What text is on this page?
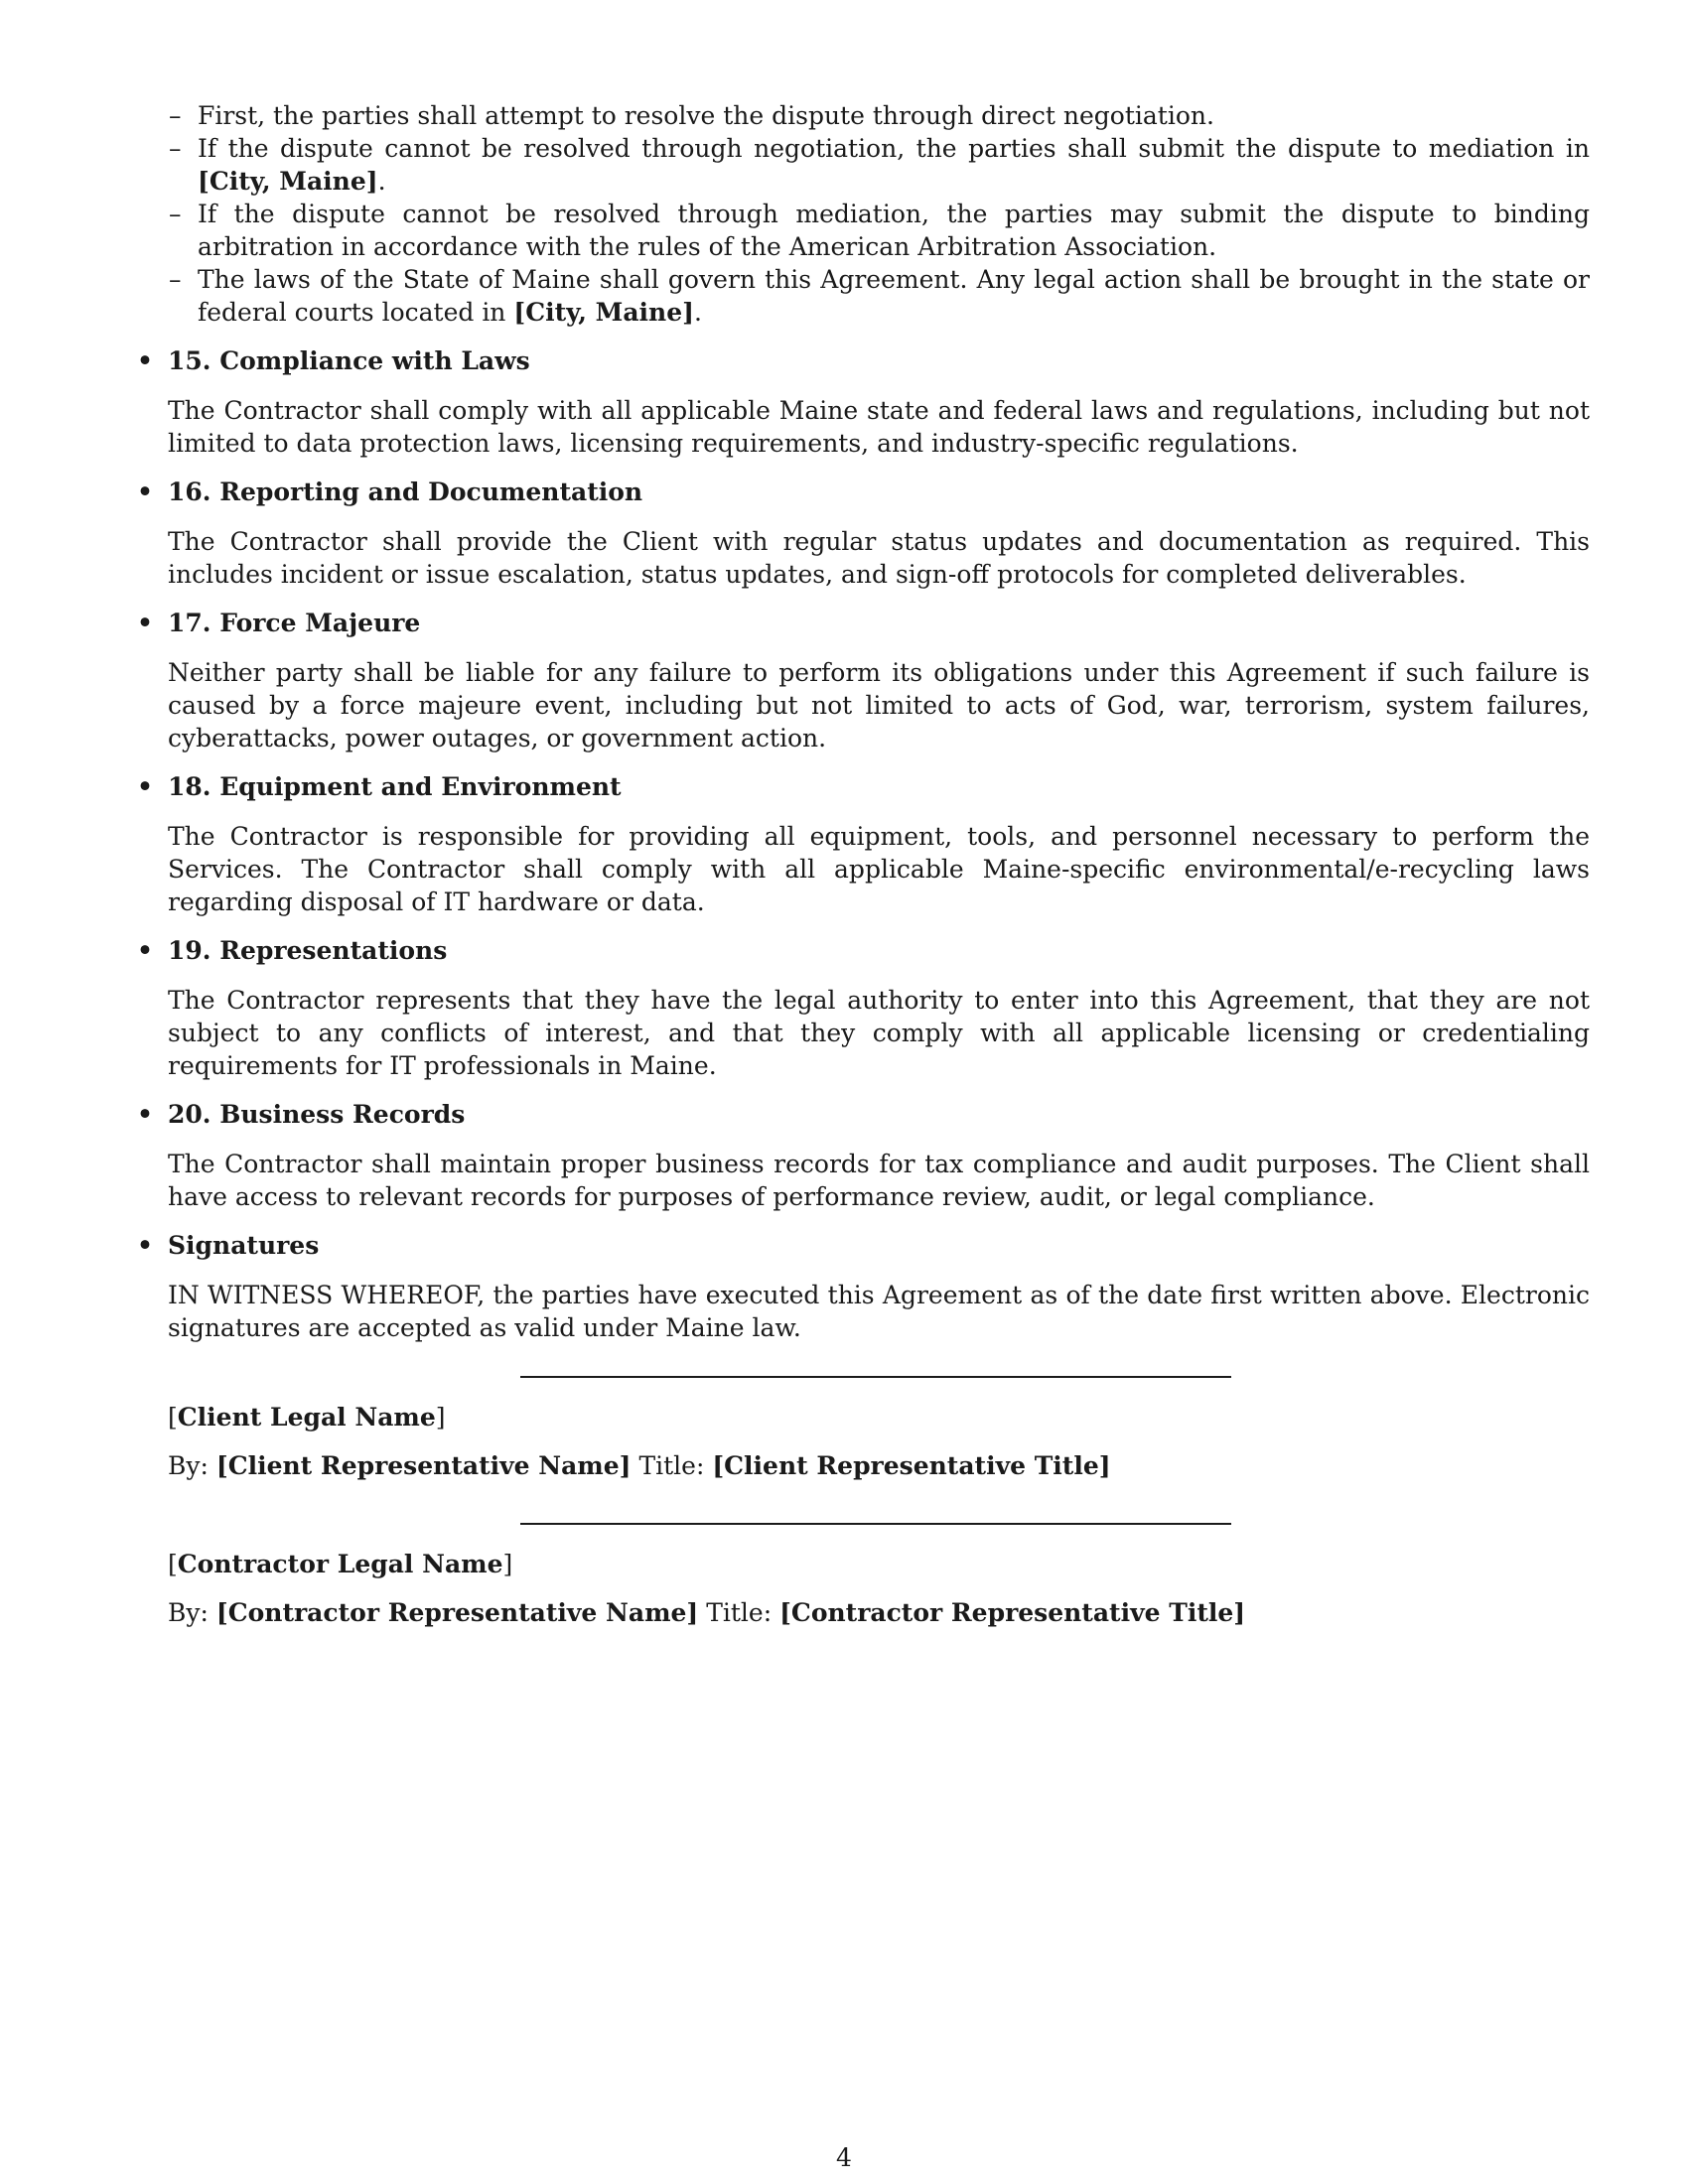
– First, the parties shall attempt to resolve the dispute through direct negotiation.
– If the dispute cannot be resolved through negotiation, the parties shall submit the dispute to mediation in [City, Maine].
– If the dispute cannot be resolved through mediation, the parties may submit the dispute to binding arbitration in accordance with the rules of the American Arbitration Association.
– The laws of the State of Maine shall govern this Agreement. Any legal action shall be brought in the state or federal courts located in [City, Maine].
• 15. Compliance with Laws
The Contractor shall comply with all applicable Maine state and federal laws and regulations, including but not limited to data protection laws, licensing requirements, and industry-specific regulations.
• 16. Reporting and Documentation
The Contractor shall provide the Client with regular status updates and documentation as required. This includes incident or issue escalation, status updates, and sign-off protocols for completed deliverables.
• 17. Force Majeure
Neither party shall be liable for any failure to perform its obligations under this Agreement if such failure is caused by a force majeure event, including but not limited to acts of God, war, terrorism, system failures, cyberattacks, power outages, or government action.
• 18. Equipment and Environment
The Contractor is responsible for providing all equipment, tools, and personnel necessary to perform the Services. The Contractor shall comply with all applicable Maine-specific environmental/e-recycling laws regarding disposal of IT hardware or data.
• 19. Representations
The Contractor represents that they have the legal authority to enter into this Agreement, that they are not subject to any conflicts of interest, and that they comply with all applicable licensing or credentialing requirements for IT professionals in Maine.
• 20. Business Records
The Contractor shall maintain proper business records for tax compliance and audit purposes. The Client shall have access to relevant records for purposes of performance review, audit, or legal compliance.
• Signatures
IN WITNESS WHEREOF, the parties have executed this Agreement as of the date first written above. Electronic signatures are accepted as valid under Maine law.
[Client Legal Name]
By: [Client Representative Name] Title: [Client Representative Title]
[Contractor Legal Name]
By: [Contractor Representative Name] Title: [Contractor Representative Title]
4
